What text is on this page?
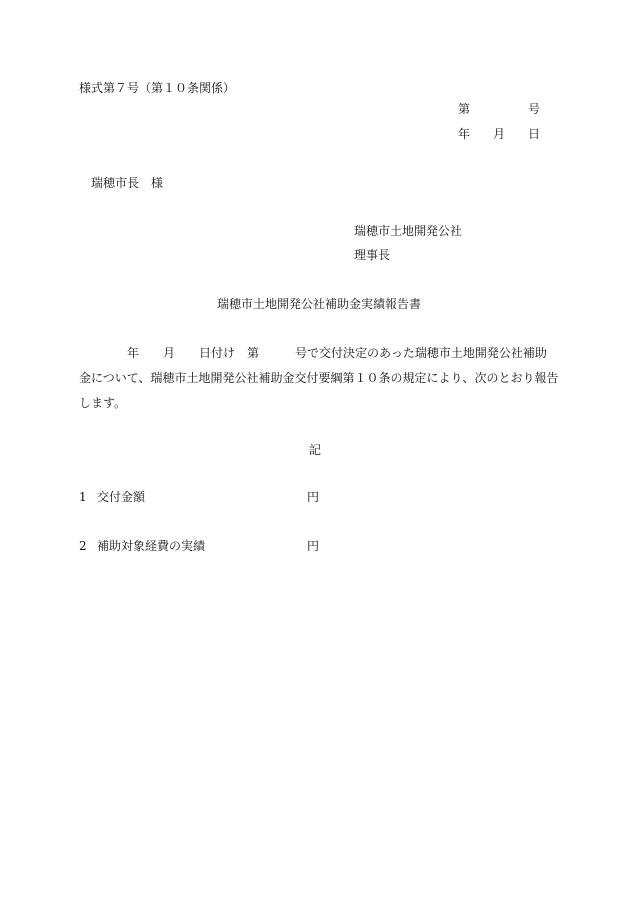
様式第７号（第１０条関係）
第	号
年 月 日
瑞穂市長　様
瑞穂市土地開発公社
理事長
瑞穂市土地開発公社補助金実績報告書
　　　　年　　月　　日付け　第　　　号で交付決定のあった瑞穂市土地開発公社補助
金について、瑞穂市土地開発公社補助金交付要綱第１０条の規定により、次のとおり報告
します。
記
1 交付金額	円
2 補助対象経費の実績	円
